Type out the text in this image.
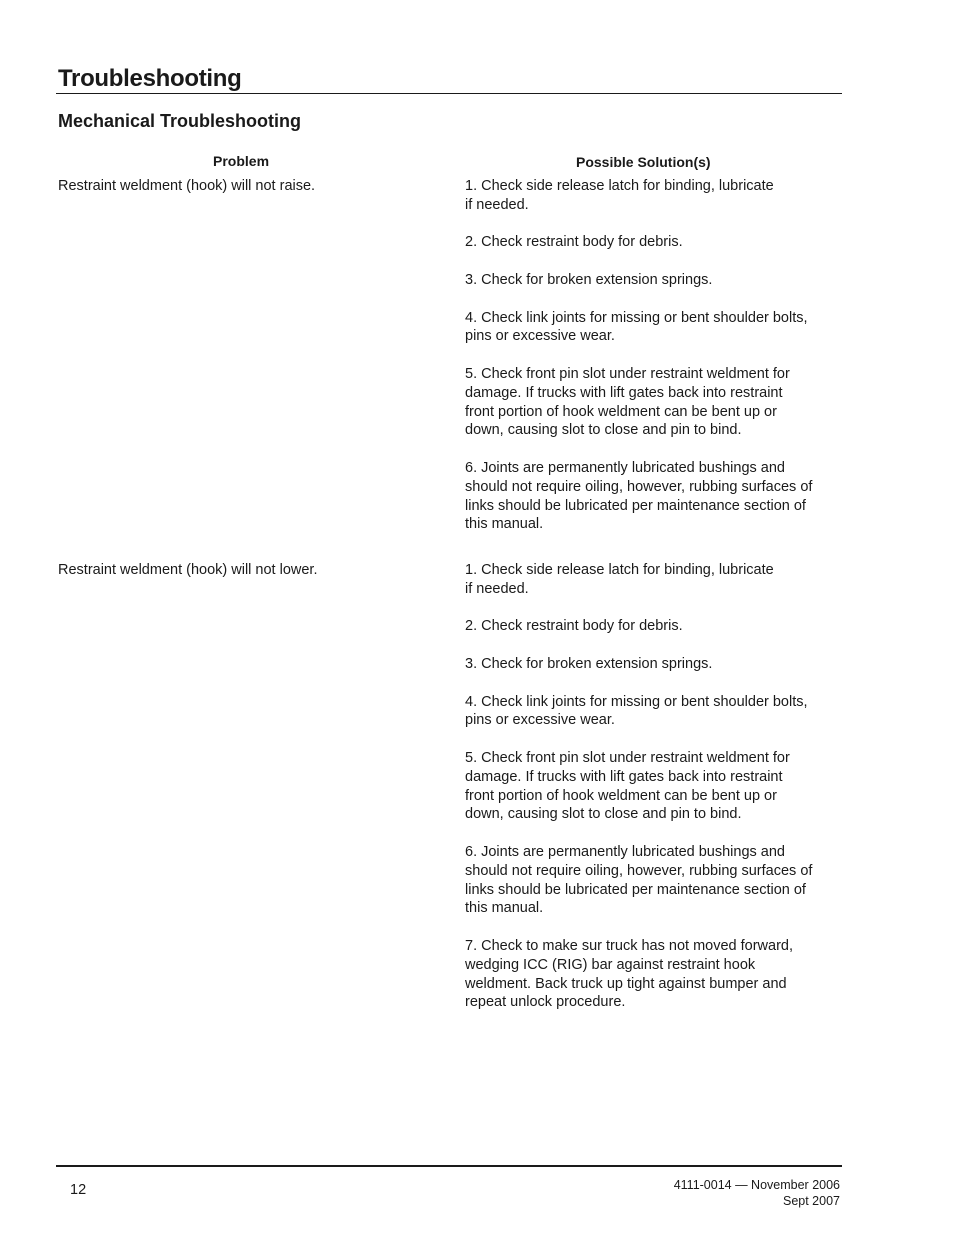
Troubleshooting
Mechanical Troubleshooting
Problem	Possible Solution(s)
Restraint weldment (hook) will not raise.	1. Check side release latch for binding, lubricate
if needed.

2. Check restraint body for debris.

3. Check for broken extension springs.

4. Check link joints for missing or bent shoulder bolts,
pins or excessive wear.

5. Check front pin slot under restraint weldment for
damage. If trucks with lift gates back into restraint
front portion of hook weldment can be bent up or
down, causing slot to close and pin to bind.

6. Joints are permanently lubricated bushings and
should not require oiling, however, rubbing surfaces of
links should be lubricated per maintenance section of
this manual.

Restraint weldment (hook) will not lower.	1. Check side release latch for binding, lubricate
if needed.

2. Check restraint body for debris.

3. Check for broken extension springs.

4. Check link joints for missing or bent shoulder bolts,
pins or excessive wear.

5. Check front pin slot under restraint weldment for
damage. If trucks with lift gates back into restraint
front portion of hook weldment can be bent up or
down, causing slot to close and pin to bind.

6. Joints are permanently lubricated bushings and
should not require oiling, however, rubbing surfaces of
links should be lubricated per maintenance section of
this manual.

7. Check to make sur truck has not moved forward,
wedging ICC (RIG) bar against restraint hook
weldment. Back truck up tight against bumper and
repeat unlock procedure.

12	4111-0014 — November 2006
Sept 2007
